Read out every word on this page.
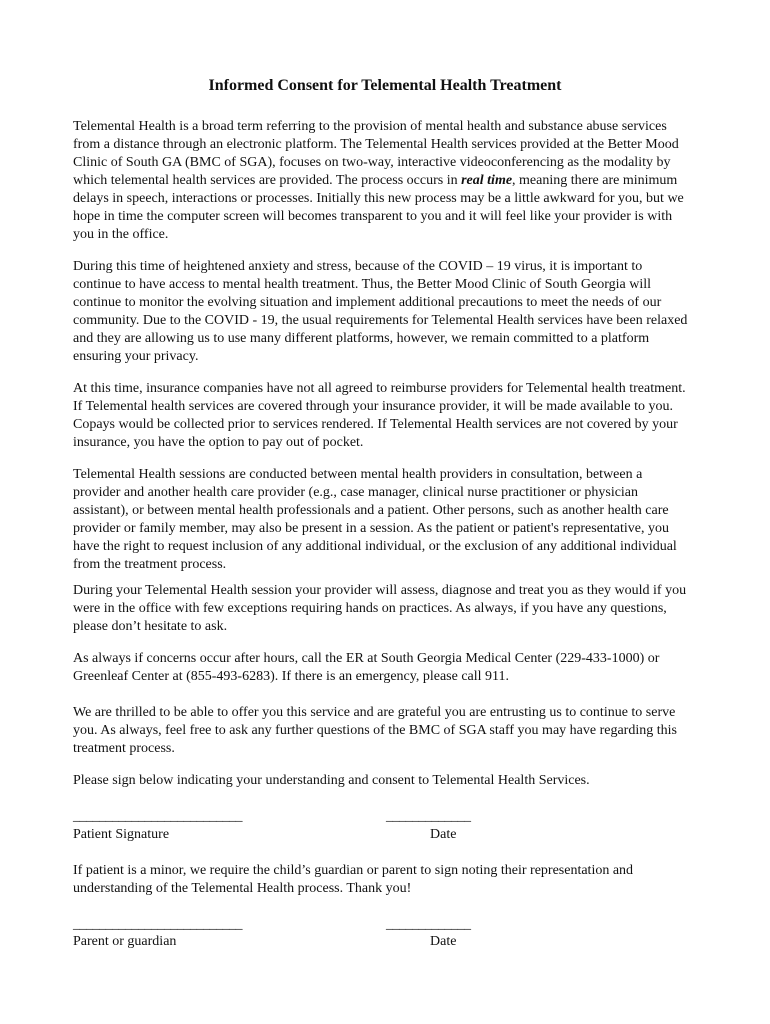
Informed Consent for Telemental Health Treatment

Telemental Health is a broad term referring to the provision of mental health and substance abuse services from a distance through an electronic platform. The Telemental Health services provided at the Better Mood Clinic of South GA (BMC of SGA), focuses on two-way, interactive videoconferencing as the modality by which telemental health services are provided. The process occurs in real time, meaning there are minimum delays in speech, interactions or processes. Initially this new process may be a little awkward for you, but we hope in time the computer screen will becomes transparent to you and it will feel like your provider is with you in the office.

During this time of heightened anxiety and stress, because of the COVID – 19 virus, it is important to continue to have access to mental health treatment. Thus, the Better Mood Clinic of South Georgia will continue to monitor the evolving situation and implement additional precautions to meet the needs of our community. Due to the COVID - 19, the usual requirements for Telemental Health services have been relaxed and they are allowing us to use many different platforms, however, we remain committed to a platform ensuring your privacy.

At this time, insurance companies have not all agreed to reimburse providers for Telemental health treatment. If Telemental health services are covered through your insurance provider, it will be made available to you. Copays would be collected prior to services rendered. If Telemental Health services are not covered by your insurance, you have the option to pay out of pocket.

Telemental Health sessions are conducted between mental health providers in consultation, between a provider and another health care provider (e.g., case manager, clinical nurse practitioner or physician assistant), or between mental health professionals and a patient. Other persons, such as another health care provider or family member, may also be present in a session. As the patient or patient's representative, you have the right to request inclusion of any additional individual, or the exclusion of any additional individual from the treatment process.

During your Telemental Health session your provider will assess, diagnose and treat you as they would if you were in the office with few exceptions requiring hands on practices. As always, if you have any questions, please don’t hesitate to ask.

As always if concerns occur after hours, call the ER at South Georgia Medical Center (229-433-1000) or Greenleaf Center at (855-493-6283). If there is an emergency, please call 911.

We are thrilled to be able to offer you this service and are grateful you are entrusting us to continue to serve you. As always, feel free to ask any further questions of the BMC of SGA staff you may have regarding this treatment process.

Please sign below indicating your understanding and consent to Telemental Health Services.

__________________________	_____________
Patient Signature	Date

If patient is a minor, we require the child’s guardian or parent to sign noting their representation and understanding of the Telemental Health process. Thank you!

__________________________	_____________
Parent or guardian	Date
